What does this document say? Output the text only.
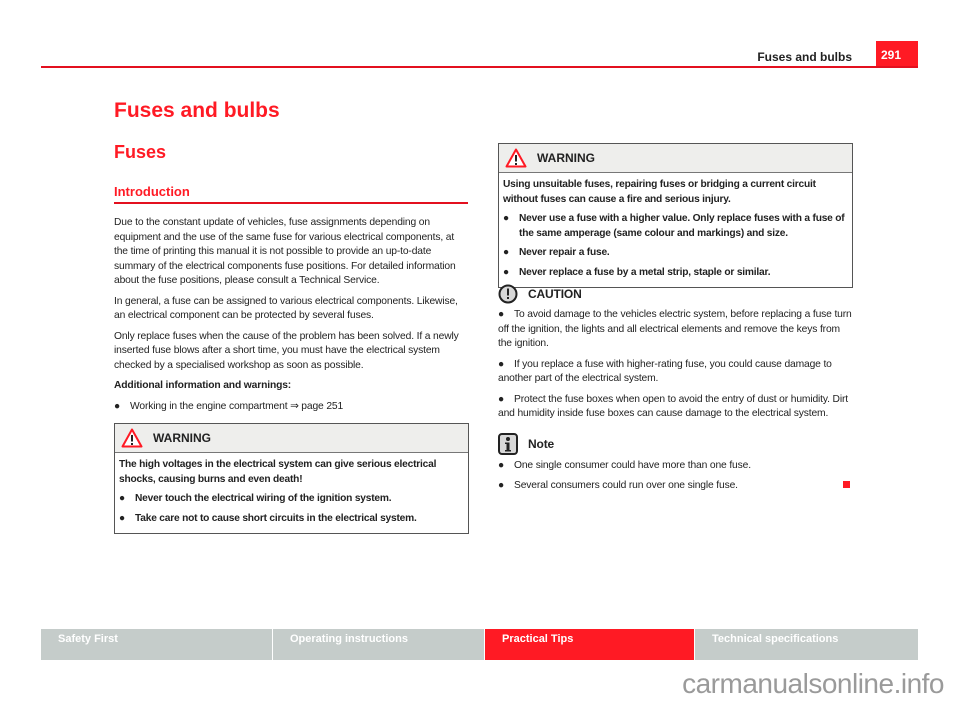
Fuses and bulbs	291
Fuses and bulbs
Fuses
Introduction

Due to the constant update of vehicles, fuse assignments depending on equipment and the use of the same fuse for various electrical components, at the time of printing this manual it is not possible to provide an up-to-date summary of the electrical components fuse positions. For detailed information about the fuse positions, please consult a Technical Service.

In general, a fuse can be assigned to various electrical components. Likewise, an electrical component can be protected by several fuses.

Only replace fuses when the cause of the problem has been solved. If a newly inserted fuse blows after a short time, you must have the electrical system checked by a specialised workshop as soon as possible.

Additional information and warnings:

● Working in the engine compartment ⇒ page 251
WARNING

The high voltages in the electrical system can give serious electrical shocks, causing burns and even death!

● Never touch the electrical wiring of the ignition system.
● Take care not to cause short circuits in the electrical system.
WARNING

Using unsuitable fuses, repairing fuses or bridging a current circuit without fuses can cause a fire and serious injury.

● Never use a fuse with a higher value. Only replace fuses with a fuse of the same amperage (same colour and markings) and size.
● Never repair a fuse.
● Never replace a fuse by a metal strip, staple or similar.
CAUTION

● To avoid damage to the vehicles electric system, before replacing a fuse turn off the ignition, the lights and all electrical elements and remove the keys from the ignition.

● If you replace a fuse with higher-rating fuse, you could cause damage to another part of the electrical system.

● Protect the fuse boxes when open to avoid the entry of dust or humidity. Dirt and humidity inside fuse boxes can cause damage to the electrical system.

Note
● One single consumer could have more than one fuse.
● Several consumers could run over one single fuse.
Safety First	Operating instructions	Practical Tips	Technical specifications
carmanualsonline.info
